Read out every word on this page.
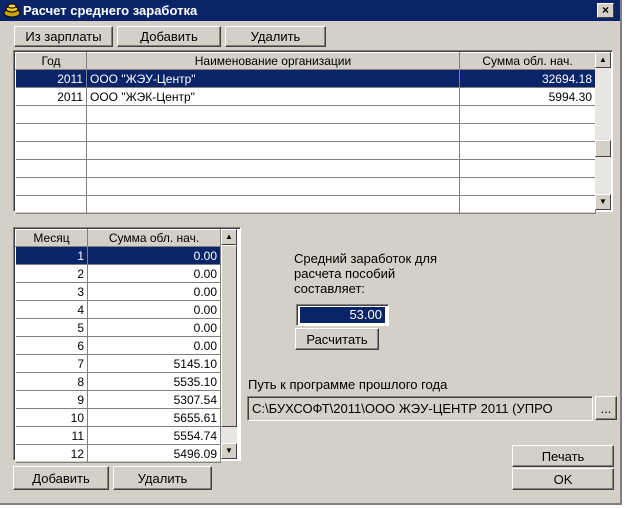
Расчет среднего заработка	×
Из зарплаты	Добавить	Удалить
Год	Наименование организации	Сумма обл. нач.
2011	ООО "ЖЭУ-Центр"	32694.18
2011	ООО "ЖЭК-Центр"	5994.30

▲
▼
Месяц	Сумма обл. нач.
1	0.00
2	0.00
3	0.00
4	0.00
5	0.00
6	0.00
7	5145.10
8	5535.10
9	5307.54
10	5655.61
11	5554.74
12	5496.09
▲
▼
Средний заработок для
расчета пособий
составляет:
53.00
Расчитать
Путь к программе прошлого года
C:\БУХСОФТ\2011\ООО ЖЭУ-ЦЕНТР 2011 (УПРО	...
Добавить	Удалить
Печать
OK
